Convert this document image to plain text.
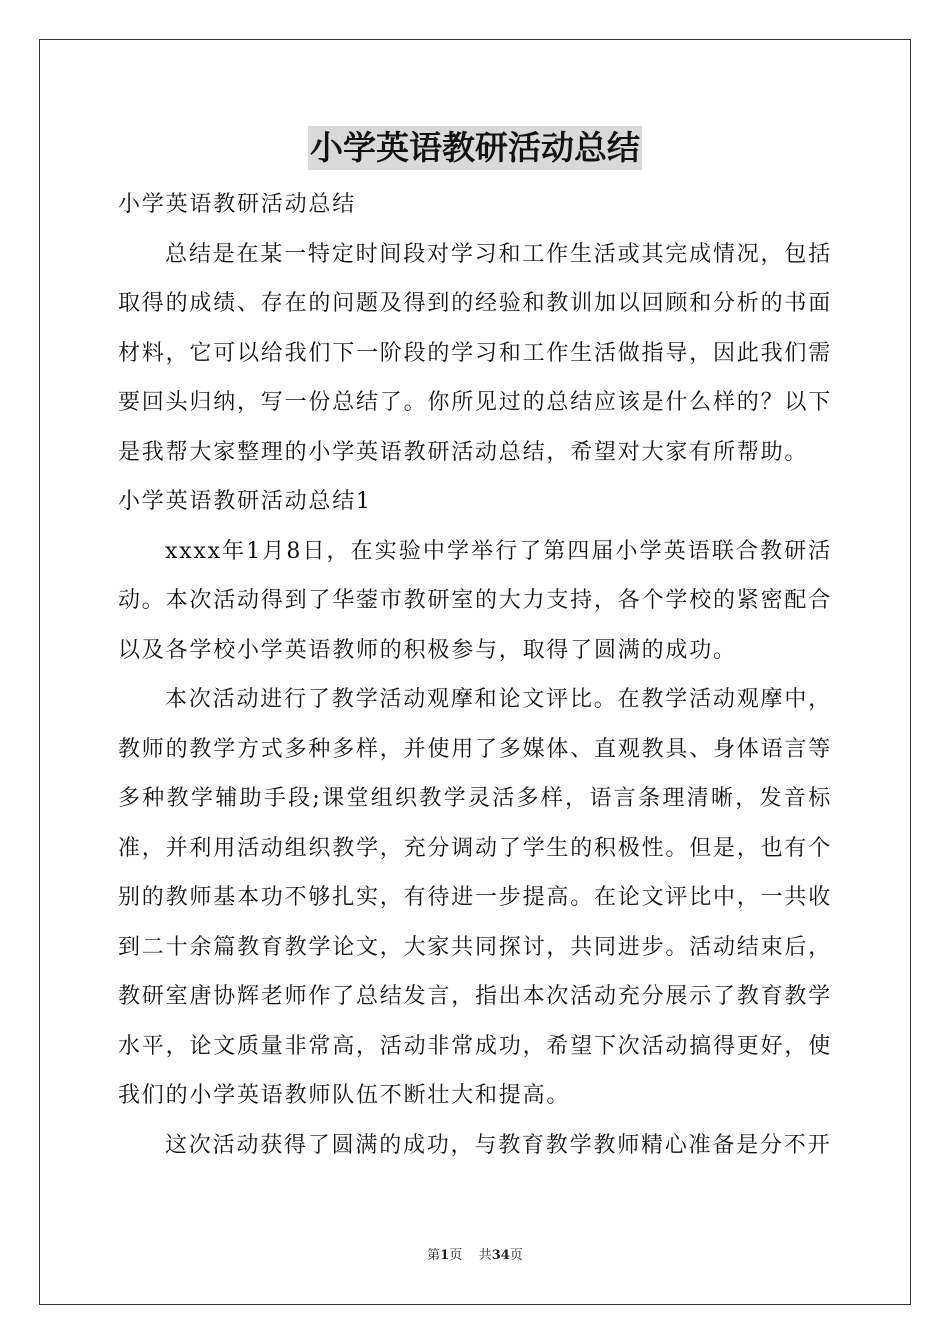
小学英语教研活动总结

小学英语教研活动总结

总结是在某一特定时间段对学习和工作生活或其完成情况，包括取得的成绩、存在的问题及得到的经验和教训加以回顾和分析的书面材料，它可以给我们下一阶段的学习和工作生活做指导，因此我们需要回头归纳，写一份总结了。你所见过的总结应该是什么样的？以下是我帮大家整理的小学英语教研活动总结，希望对大家有所帮助。

小学英语教研活动总结1

xxxx年1月8日，在实验中学举行了第四届小学英语联合教研活动。本次活动得到了华蓥市教研室的大力支持，各个学校的紧密配合以及各学校小学英语教师的积极参与，取得了圆满的成功。

本次活动进行了教学活动观摩和论文评比。在教学活动观摩中，教师的教学方式多种多样，并使用了多媒体、直观教具、身体语言等多种教学辅助手段;课堂组织教学灵活多样，语言条理清晰，发音标准，并利用活动组织教学，充分调动了学生的积极性。但是，也有个别的教师基本功不够扎实，有待进一步提高。在论文评比中，一共收到二十余篇教育教学论文，大家共同探讨，共同进步。活动结束后，教研室唐协辉老师作了总结发言，指出本次活动充分展示了教育教学水平，论文质量非常高，活动非常成功，希望下次活动搞得更好，使我们的小学英语教师队伍不断壮大和提高。

这次活动获得了圆满的成功，与教育教学教师精心准备是分不开

第1页 共34页
